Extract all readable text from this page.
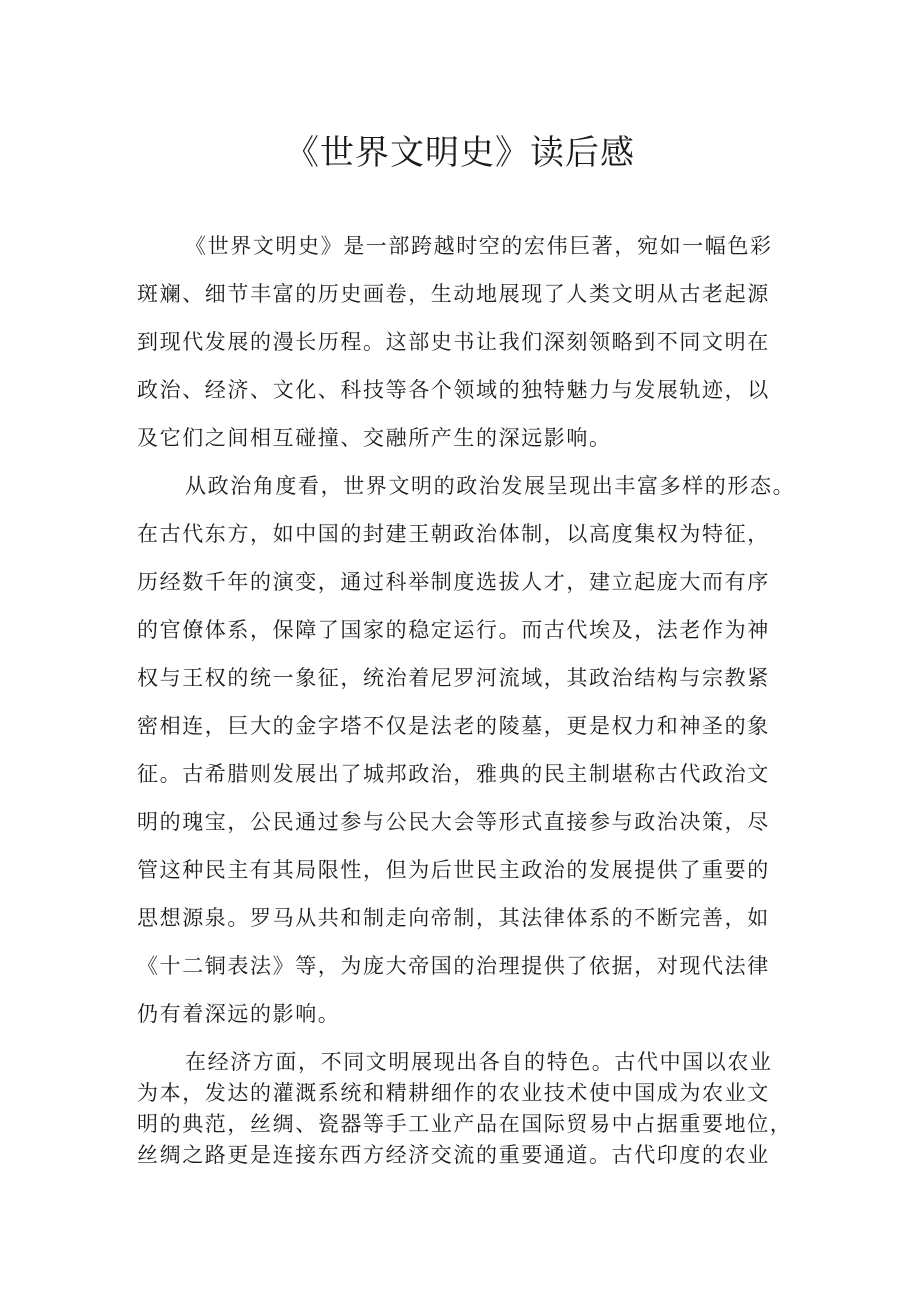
《世界文明史》读后感
《世界文明史》是一部跨越时空的宏伟巨著，宛如一幅色彩
斑斓、细节丰富的历史画卷，生动地展现了人类文明从古老起源
到现代发展的漫长历程。这部史书让我们深刻领略到不同文明在
政治、经济、文化、科技等各个领域的独特魅力与发展轨迹，以
及它们之间相互碰撞、交融所产生的深远影响。
从政治角度看，世界文明的政治发展呈现出丰富多样的形态。
在古代东方，如中国的封建王朝政治体制，以高度集权为特征，
历经数千年的演变，通过科举制度选拔人才，建立起庞大而有序
的官僚体系，保障了国家的稳定运行。而古代埃及，法老作为神
权与王权的统一象征，统治着尼罗河流域，其政治结构与宗教紧
密相连，巨大的金字塔不仅是法老的陵墓，更是权力和神圣的象
征。古希腊则发展出了城邦政治，雅典的民主制堪称古代政治文
明的瑰宝，公民通过参与公民大会等形式直接参与政治决策，尽
管这种民主有其局限性，但为后世民主政治的发展提供了重要的
思想源泉。罗马从共和制走向帝制，其法律体系的不断完善，如
《十二铜表法》等，为庞大帝国的治理提供了依据，对现代法律
仍有着深远的影响。
在经济方面，不同文明展现出各自的特色。古代中国以农业
为本，发达的灌溉系统和精耕细作的农业技术使中国成为农业文
明的典范，丝绸、瓷器等手工业产品在国际贸易中占据重要地位，
丝绸之路更是连接东西方经济交流的重要通道。古代印度的农业
